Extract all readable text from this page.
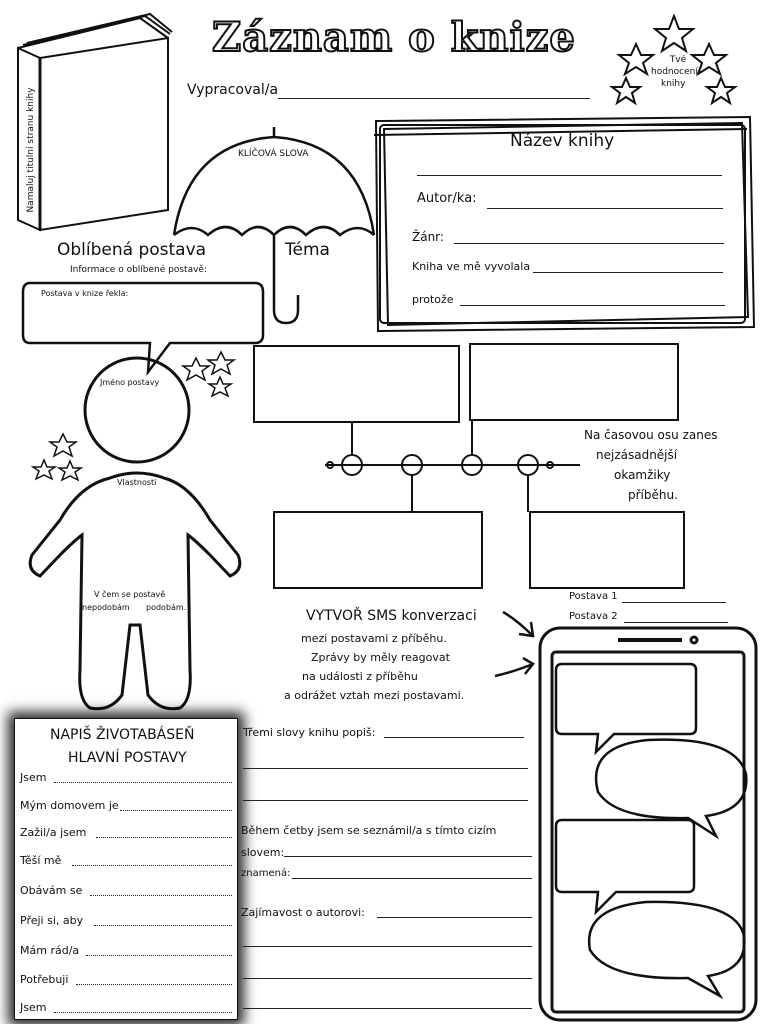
Záznam o knize
Vypracoval/a
Tvé
hodnocení
knihy
Namaluj titulní stranu knihy	KLÍČOVÁ SLOVA
Téma
Název knihy
Autor/ka:
Žánr:
Kniha ve mě vyvolala
protože
Oblíbená postava
Informace o oblíbené postavě:
Postava v knize řekla:
Jméno postavy
Vlastnosti
V čem se postavě
nepodobám podobám.
Na časovou osu zanes
nejzásadnější
okamžiky
příběhu.
VYTVOŘ SMS konverzaci
mezi postavami z příběhu.
Zprávy by měly reagovat
na události z příběhu
a odrážet vztah mezi postavami.
Postava 1
Postava 2
NAPIŠ ŽIVOTABÁSEŇ
HLAVNÍ POSTAVY
Jsem
Mým domovem je
Zažil/a jsem
Těší mě
Obávám se
Přeji si, aby
Mám rád/a
Potřebuji
Jsem
Třemi slovy knihu popiš:
Během četby jsem se seznámil/a s tímto cizím
slovem:
znamená:
Zajímavost o autorovi:
